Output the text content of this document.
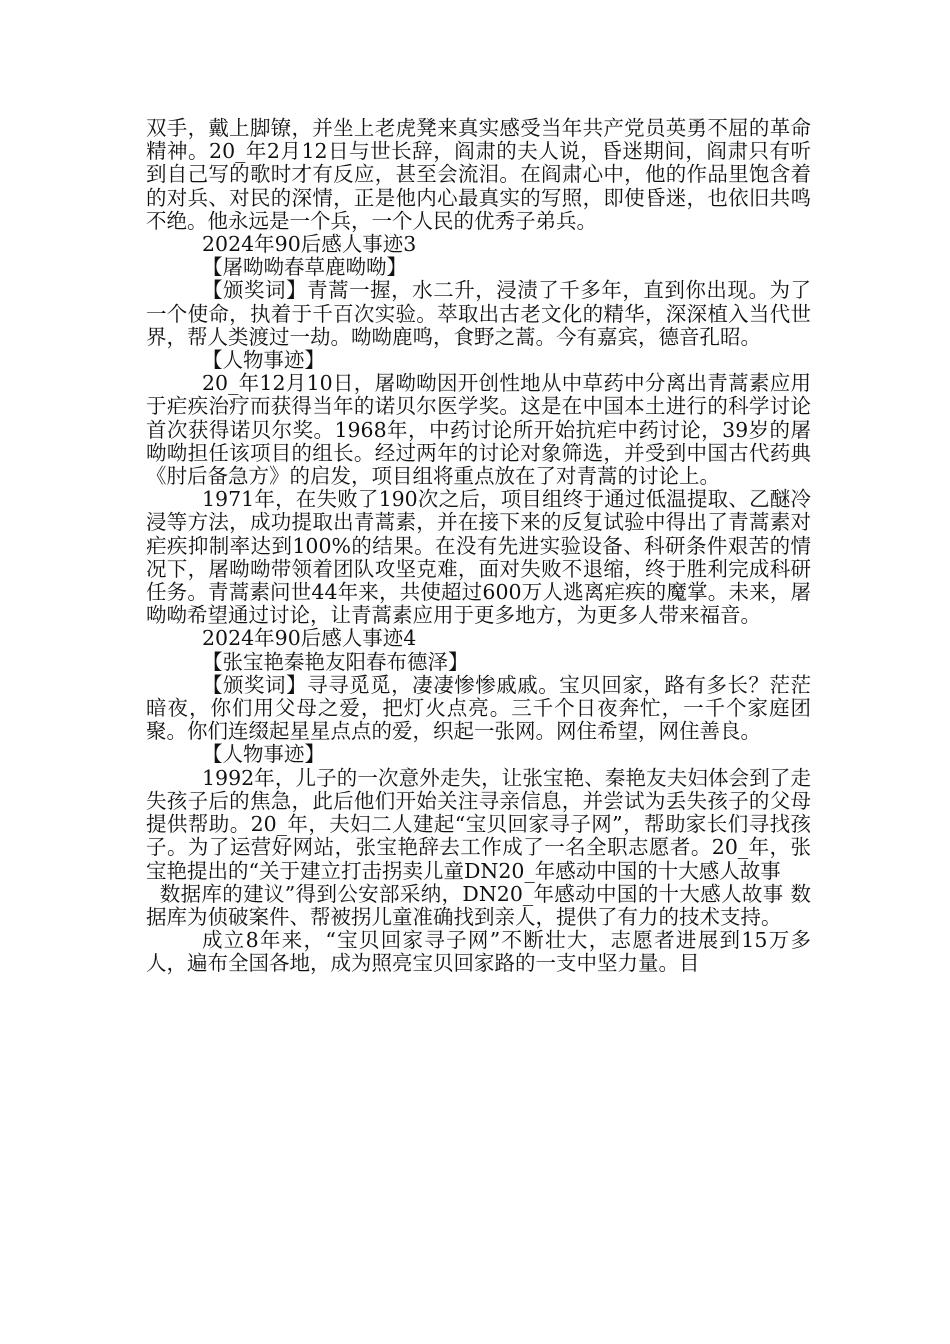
双手，戴上脚镣，并坐上老虎凳来真实感受当年共产党员英勇不屈的革命精神。20_年2月12日与世长辞，阎肃的夫人说，昏迷期间，阎肃只有听到自己写的歌时才有反应，甚至会流泪。在阎肃心中，他的作品里饱含着的对兵、对民的深情，正是他内心最真实的写照，即使昏迷，也依旧共鸣不绝。他永远是一个兵，一个人民的优秀子弟兵。

2024年90后感人事迹3

【屠呦呦春草鹿呦呦】

【颁奖词】青蒿一握，水二升，浸渍了千多年，直到你出现。为了一个使命，执着于千百次实验。萃取出古老文化的精华，深深植入当代世界，帮人类渡过一劫。呦呦鹿鸣，食野之蒿。今有嘉宾，德音孔昭。

【人物事迹】

20_年12月10日，屠呦呦因开创性地从中草药中分离出青蒿素应用于疟疾治疗而获得当年的诺贝尔医学奖。这是在中国本土进行的科学讨论首次获得诺贝尔奖。1968年，中药讨论所开始抗疟中药讨论，39岁的屠呦呦担任该项目的组长。经过两年的讨论对象筛选，并受到中国古代药典《肘后备急方》的启发，项目组将重点放在了对青蒿的讨论上。

1971年，在失败了190次之后，项目组终于通过低温提取、乙醚冷浸等方法，成功提取出青蒿素，并在接下来的反复试验中得出了青蒿素对疟疾抑制率达到100%的结果。在没有先进实验设备、科研条件艰苦的情况下，屠呦呦带领着团队攻坚克难，面对失败不退缩，终于胜利完成科研任务。青蒿素问世44年来，共使超过600万人逃离疟疾的魔掌。未来，屠呦呦希望通过讨论，让青蒿素应用于更多地方，为更多人带来福音。

2024年90后感人事迹4

【张宝艳秦艳友阳春布德泽】

【颁奖词】寻寻觅觅，凄凄惨惨戚戚。宝贝回家，路有多长？茫茫暗夜，你们用父母之爱，把灯火点亮。三千个日夜奔忙，一千个家庭团聚。你们连缀起星星点点的爱，织起一张网。网住希望，网住善良。

【人物事迹】

1992年，儿子的一次意外走失，让张宝艳、秦艳友夫妇体会到了走失孩子后的焦急，此后他们开始关注寻亲信息，并尝试为丢失孩子的父母提供帮助。20_年，夫妇二人建起“宝贝回家寻子网”，帮助家长们寻找孩子。为了运营好网站，张宝艳辞去工作成了一名全职志愿者。20_年，张宝艳提出的“关于建立打击拐卖儿童DN20_年感动中国的十大感人故事

数据库的建议”得到公安部采纳，DN20_年感动中国的十大感人故事 数据库为侦破案件、帮被拐儿童准确找到亲人，提供了有力的技术支持。

成立8年来，“宝贝回家寻子网”不断壮大，志愿者进展到15万多人，遍布全国各地，成为照亮宝贝回家路的一支中坚力量。目
